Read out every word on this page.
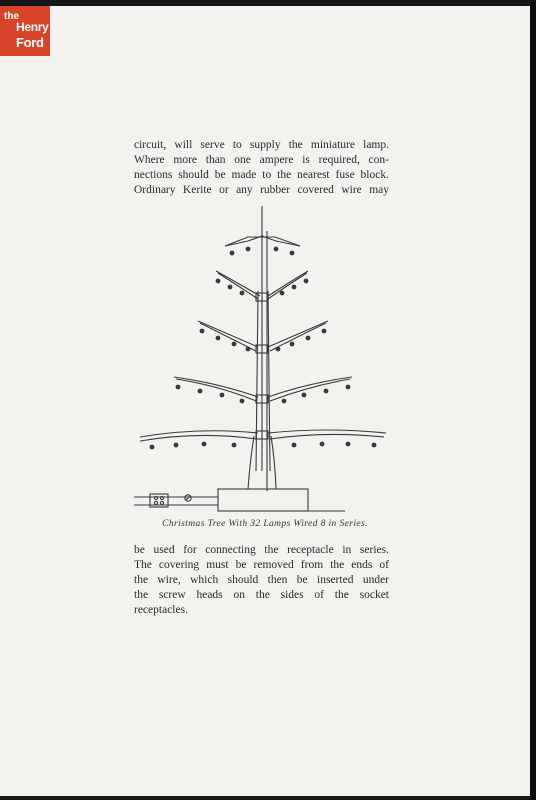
the
Henry
Ford
circuit, will serve to supply the miniature lamp.
Where more than one ampere is required, con-
nections should be made to the nearest fuse block.
Ordinary Kerite or any rubber covered wire may
Christmas Tree With 32 Lamps Wired 8 in Series.
be used for connecting the receptacle in series.
The covering must be removed from the ends of
the wire, which should then be inserted under
the screw heads on the sides of the socket
receptacles.
